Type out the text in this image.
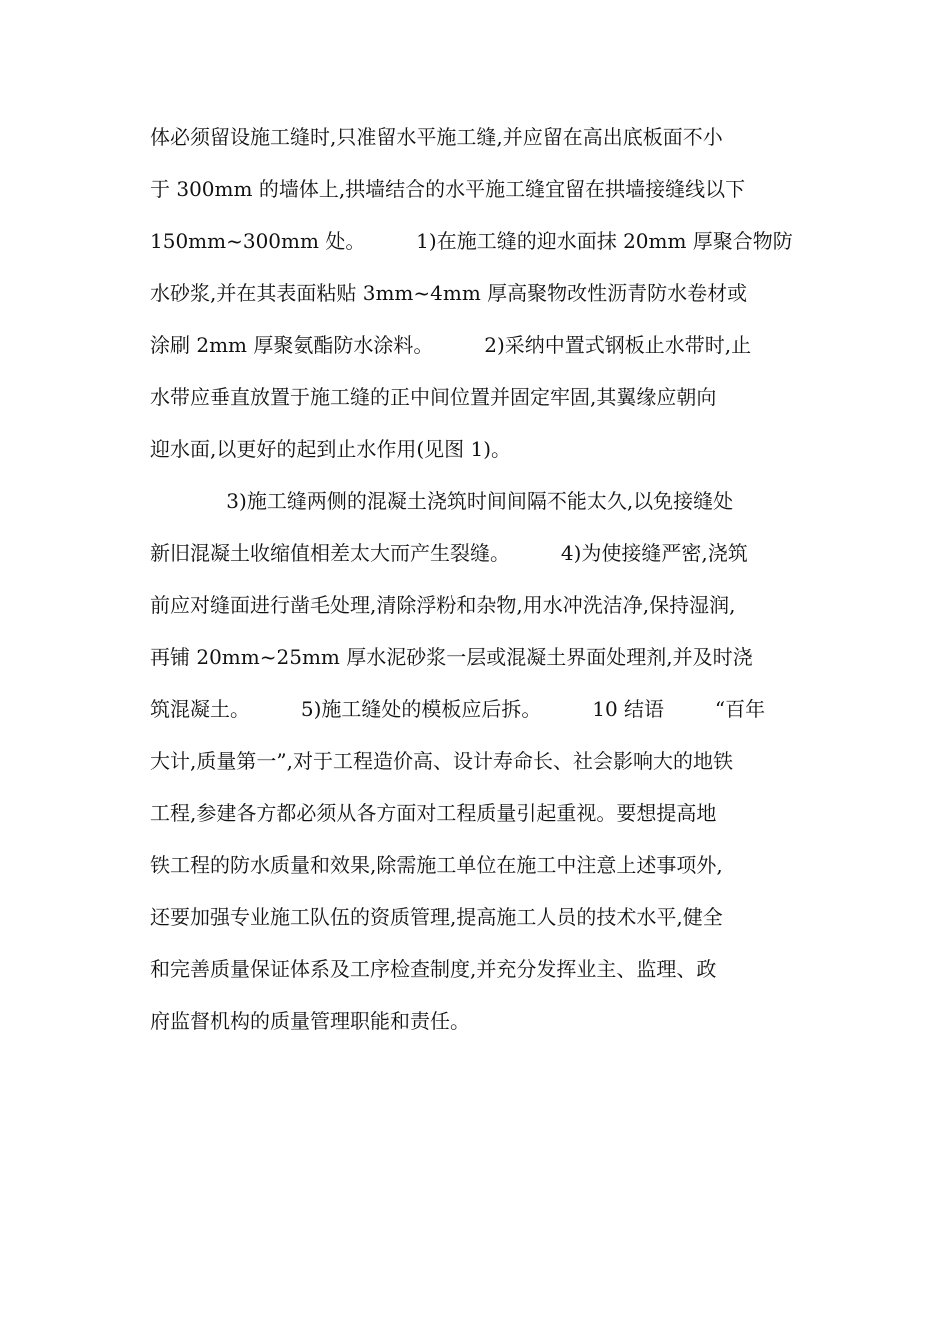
体必须留设施工缝时,只准留水平施工缝,并应留在高出底板面不小
于 300mm 的墙体上,拱墙结合的水平施工缝宜留在拱墙接缝线以下
150mm~300mm 处。        1)在施工缝的迎水面抹 20mm 厚聚合物防
水砂浆,并在其表面粘贴 3mm~4mm 厚高聚物改性沥青防水卷材或
涂刷 2mm 厚聚氨酯防水涂料。        2)采纳中置式钢板止水带时,止
水带应垂直放置于施工缝的正中间位置并固定牢固,其翼缘应朝向
迎水面,以更好的起到止水作用(见图 1)。
3)施工缝两侧的混凝土浇筑时间间隔不能太久,以免接缝处
新旧混凝土收缩值相差太大而产生裂缝。        4)为使接缝严密,浇筑
前应对缝面进行凿毛处理,清除浮粉和杂物,用水冲洗洁净,保持湿润,
再铺 20mm~25mm 厚水泥砂浆一层或混凝土界面处理剂,并及时浇
筑混凝土。        5)施工缝处的模板应后拆。        10 结语        “百年
大计,质量第一”,对于工程造价高、设计寿命长、社会影响大的地铁
工程,参建各方都必须从各方面对工程质量引起重视。要想提高地
铁工程的防水质量和效果,除需施工单位在施工中注意上述事项外,
还要加强专业施工队伍的资质管理,提高施工人员的技术水平,健全
和完善质量保证体系及工序检查制度,并充分发挥业主、监理、政
府监督机构的质量管理职能和责任。
